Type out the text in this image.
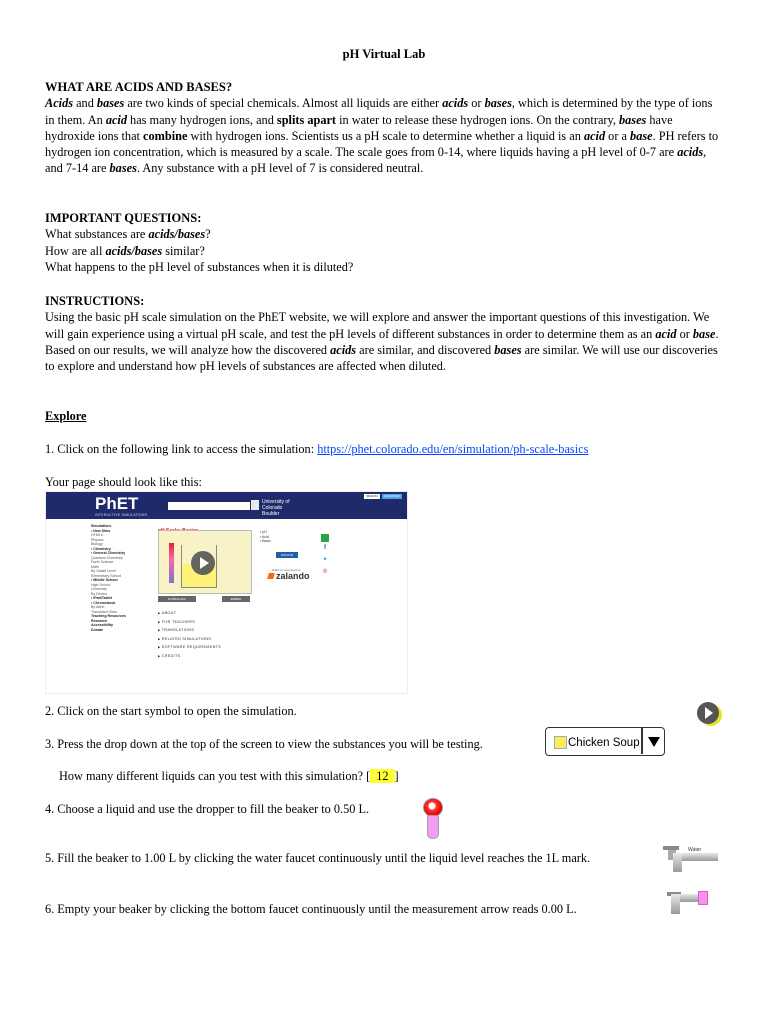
pH Virtual Lab
WHAT ARE ACIDS AND BASES?

Acids and bases are two kinds of special chemicals. Almost all liquids are either acids or bases, which is determined by the type of ions in them. An acid has many hydrogen ions, and splits apart in water to release these hydrogen ions. On the contrary, bases have hydroxide ions that combine with hydrogen ions. Scientists us a pH scale to determine whether a liquid is an acid or a base. PH refers to hydrogen ion concentration, which is measured by a scale. The scale goes from 0-14, where liquids having a pH level of 0-7 are acids, and 7-14 are bases. Any substance with a pH level of 7 is considered neutral.

IMPORTANT QUESTIONS:

What substances are acids/bases?

How are all acids/bases similar?

What happens to the pH level of substances when it is diluted?

INSTRUCTIONS:

Using the basic pH scale simulation on the PhET website, we will explore and answer the important questions of this investigation. We will gain experience using a virtual pH scale, and test the pH levels of different substances in order to determine them as an acid or base. Based on our results, we will analyze how the discovered acids are similar, and discovered bases are similar. We will use our discoveries to explore and understand how pH levels of substances are affected when diluted.

Explore
1. Click on the following link to access the simulation: https://phet.colorado.edu/en/simulation/ph-scale-basics
Your page should look like this:
2. Click on the start symbol to open the simulation.
3. Press the drop down at the top of the screen to view the substances you will be testing.
How many different liquids can you test with this simulation? [ 12 ]
4. Choose a liquid and use the dropper to fill the beaker to 0.50 L.
5. Fill the beaker to 1.00 L by clicking the water faucet continuously until the liquid level reaches the 1L mark.
6. Empty your beaker by clicking the bottom faucet continuously until the measurement arrow reads 0.00 L.
PhET
INTERACTIVE SIMULATIONS
University of Colorado Boulder
SIGN IN	REGISTER
Simulations
• New Sims
HTML5
Physics
Biology
• Chemistry
• General Chemistry
Quantum Chemistry
Earth Science
Math
By Grade Level
Elementary School
• Middle School
High School
University
By Device
• iPad/Tablet
• Chromebook
By Attrib
Translated Sims
Teaching Resources
Research
Accessibility
Donate
DOWNLOAD	EMBED
▶ ABOUT
▶ FOR TEACHERS
▶ TRANSLATIONS
▶ RELATED SIMULATIONS
▶ SOFTWARE REQUIREMENTS
▶ CREDITS
• pH
• Acid
• Basic
DONATE
PhET is supported by
zalando
f
✦
℗
Chicken Soup
Water
